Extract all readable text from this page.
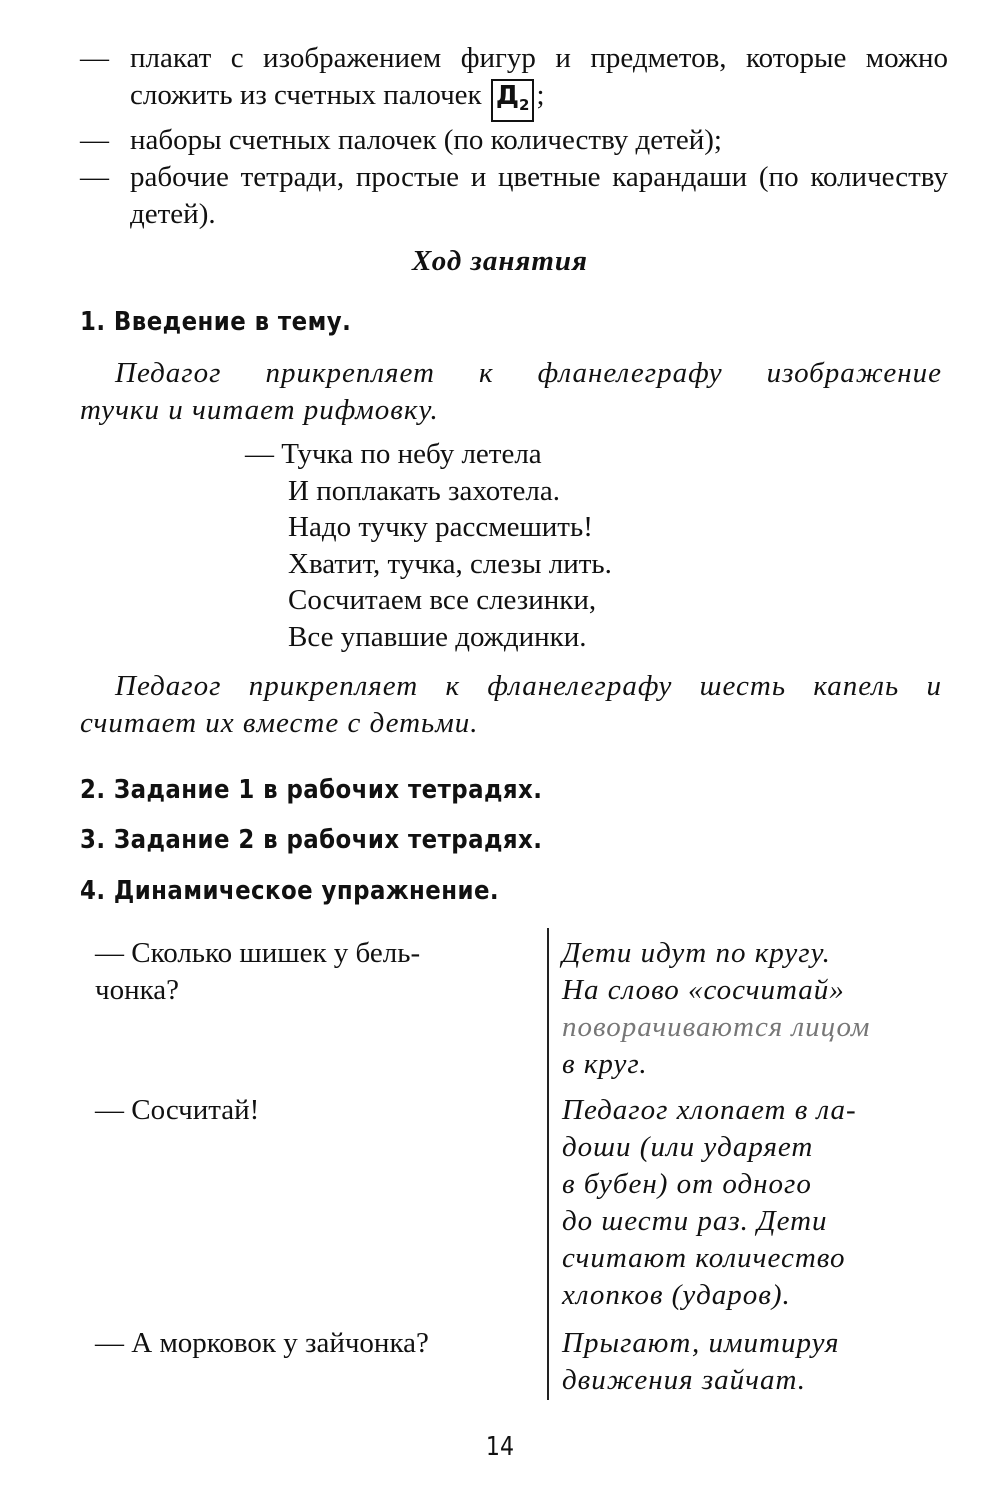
— плакат с изображением фигур и предметов, которые можно сложить из счетных палочек $Д_2$ ;
— наборы счетных палочек (по количеству детей);
— рабочие тетради, простые и цветные карандаши (по количеству детей).
Ход занятия
1. Введение в тему.
Педагог прикрепляет к фланелеграфу изображение
тучки и читает рифмовку.
— Тучка по небу летела
И поплакать захотела.
Надо тучку рассмешить!
Хватит, тучка, слезы лить.
Сосчитаем все слезинки,
Все упавшие дождинки.
Педагог прикрепляет к фланелеграфу шесть капель и
считает их вместе с детьми.
2. Задание 1 в рабочих тетрадях.
3. Задание 2 в рабочих тетрадях.
4. Динамическое упражнение.
— Сколько шишек у бель-
чонка?
Дети идут по кругу.
На слово «сосчитай»
поворачиваются лицом
в круг.
— Сосчитай!	Педагог хлопает в ла-
доши (или ударяет
в бубен) от одного
до шести раз. Дети
считают количество
хлопков (ударов).
— А морковок у зайчонка?	Прыгают, имитируя
движения зайчат.
14
